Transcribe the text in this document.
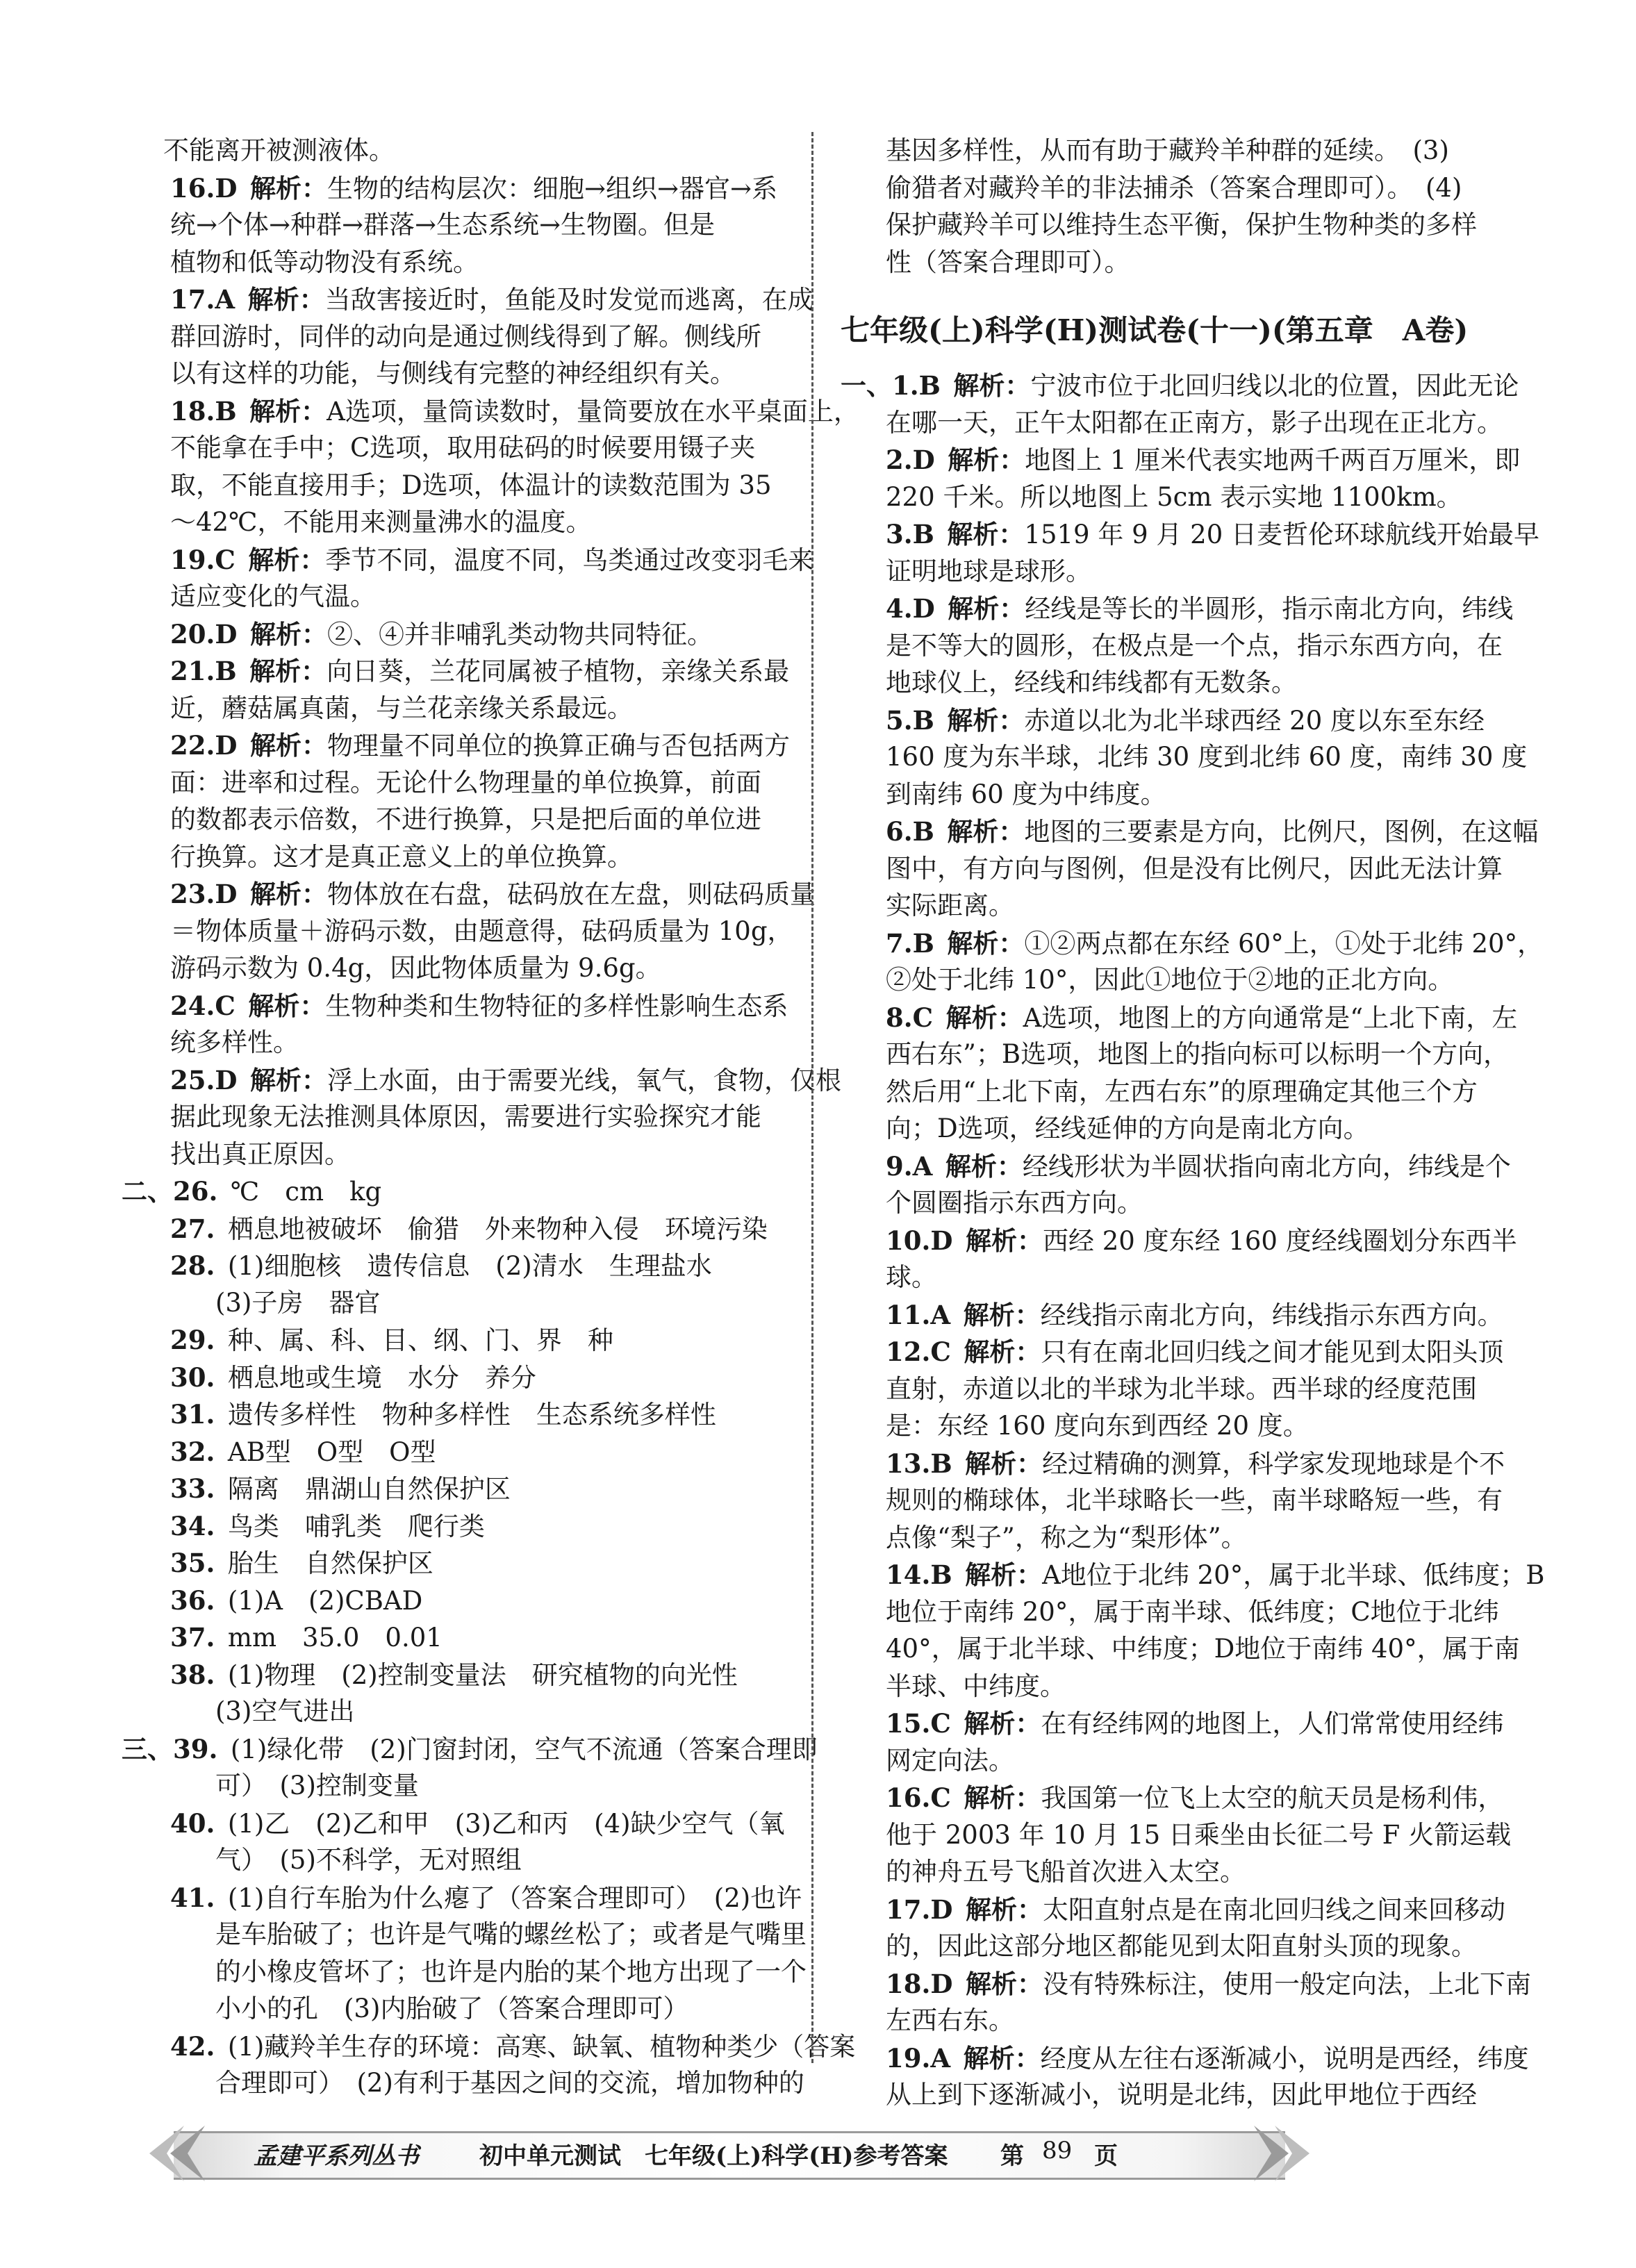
不能离开被测液体。
16.D  解析：生物的结构层次：细胞→组织→器官→系
统→个体→种群→群落→生态系统→生物圈。但是
植物和低等动物没有系统。
17.A  解析：当敌害接近时，鱼能及时发觉而逃离，在成
群回游时，同伴的动向是通过侧线得到了解。侧线所
以有这样的功能，与侧线有完整的神经组织有关。
18.B  解析：A选项，量筒读数时，量筒要放在水平桌面上，
不能拿在手中；C选项，取用砝码的时候要用镊子夹
取，不能直接用手；D选项，体温计的读数范围为 35
～42℃，不能用来测量沸水的温度。
19.C  解析：季节不同，温度不同，鸟类通过改变羽毛来
适应变化的气温。
20.D  解析：②、④并非哺乳类动物共同特征。
21.B  解析：向日葵，兰花同属被子植物，亲缘关系最
近，蘑菇属真菌，与兰花亲缘关系最远。
22.D  解析：物理量不同单位的换算正确与否包括两方
面：进率和过程。无论什么物理量的单位换算，前面
的数都表示倍数，不进行换算，只是把后面的单位进
行换算。这才是真正意义上的单位换算。
23.D  解析：物体放在右盘，砝码放在左盘，则砝码质量
＝物体质量＋游码示数，由题意得，砝码质量为 10g，
游码示数为 0.4g，因此物体质量为 9.6g。
24.C  解析：生物种类和生物特征的多样性影响生态系
统多样性。
25.D  解析：浮上水面，由于需要光线，氧气，食物，仅根
据此现象无法推测具体原因，需要进行实验探究才能
找出真正原因。
二、26.  ℃　cm　kg
27.  栖息地被破坏　偷猎　外来物种入侵　环境污染
28.  (1)细胞核　遗传信息　(2)清水　生理盐水
(3)子房　器官
29.  种、属、科、目、纲、门、界　种
30.  栖息地或生境　水分　养分
31.  遗传多样性　物种多样性　生态系统多样性
32.  AB型　O型　O型
33.  隔离　鼎湖山自然保护区
34.  鸟类　哺乳类　爬行类
35.  胎生　自然保护区
36.  (1)A　(2)CBAD
37.  mm　35.0　0.01
38.  (1)物理　(2)控制变量法　研究植物的向光性
(3)空气进出
三、39.  (1)绿化带　(2)门窗封闭，空气不流通（答案合理即
可）　(3)控制变量
40.  (1)乙　(2)乙和甲　(3)乙和丙　(4)缺少空气（氧
气）　(5)不科学，无对照组
41.  (1)自行车胎为什么瘪了（答案合理即可）　(2)也许
是车胎破了；也许是气嘴的螺丝松了；或者是气嘴里
的小橡皮管坏了；也许是内胎的某个地方出现了一个
小小的孔　(3)内胎破了（答案合理即可）
42.  (1)藏羚羊生存的环境：高寒、缺氧、植物种类少（答案
合理即可）　(2)有利于基因之间的交流，增加物种的
基因多样性，从而有助于藏羚羊种群的延续。　(3)
偷猎者对藏羚羊的非法捕杀（答案合理即可）。　(4)
保护藏羚羊可以维持生态平衡，保护生物种类的多样
性（答案合理即可）。
七年级(上)科学(H)测试卷(十一)(第五章　A卷)
一、1.B  解析：宁波市位于北回归线以北的位置，因此无论
在哪一天，正午太阳都在正南方，影子出现在正北方。
2.D  解析：地图上 1 厘米代表实地两千两百万厘米，即
220 千米。所以地图上 5cm 表示实地 1100km。
3.B  解析：1519 年 9 月 20 日麦哲伦环球航线开始最早
证明地球是球形。
4.D  解析：经线是等长的半圆形，指示南北方向，纬线
是不等大的圆形，在极点是一个点，指示东西方向，在
地球仪上，经线和纬线都有无数条。
5.B  解析：赤道以北为北半球西经 20 度以东至东经
160 度为东半球，北纬 30 度到北纬 60 度，南纬 30 度
到南纬 60 度为中纬度。
6.B  解析：地图的三要素是方向，比例尺，图例，在这幅
图中，有方向与图例，但是没有比例尺，因此无法计算
实际距离。
7.B  解析：①②两点都在东经 60°上，①处于北纬 20°，
②处于北纬 10°，因此①地位于②地的正北方向。
8.C  解析：A选项，地图上的方向通常是“上北下南，左
西右东”；B选项，地图上的指向标可以标明一个方向，
然后用“上北下南，左西右东”的原理确定其他三个方
向；D选项，经线延伸的方向是南北方向。
9.A  解析：经线形状为半圆状指向南北方向，纬线是个
个圆圈指示东西方向。
10.D  解析：西经 20 度东经 160 度经线圈划分东西半
球。
11.A  解析：经线指示南北方向，纬线指示东西方向。
12.C  解析：只有在南北回归线之间才能见到太阳头顶
直射，赤道以北的半球为北半球。西半球的经度范围
是：东经 160 度向东到西经 20 度。
13.B  解析：经过精确的测算，科学家发现地球是个不
规则的椭球体，北半球略长一些，南半球略短一些，有
点像“梨子”，称之为“梨形体”。
14.B  解析：A地位于北纬 20°，属于北半球、低纬度；B
地位于南纬 20°，属于南半球、低纬度；C地位于北纬
40°，属于北半球、中纬度；D地位于南纬 40°，属于南
半球、中纬度。
15.C  解析：在有经纬网的地图上，人们常常使用经纬
网定向法。
16.C  解析：我国第一位飞上太空的航天员是杨利伟，
他于 2003 年 10 月 15 日乘坐由长征二号 F 火箭运载
的神舟五号飞船首次进入太空。
17.D  解析：太阳直射点是在南北回归线之间来回移动
的，因此这部分地区都能见到太阳直射头顶的现象。
18.D  解析：没有特殊标注，使用一般定向法，上北下南
左西右东。
19.A  解析：经度从左往右逐渐减小，说明是西经，纬度
从上到下逐渐减小，说明是北纬，因此甲地位于西经
孟建平系列丛书	初中单元测试　七年级(上)科学(H)参考答案 第 89 页
